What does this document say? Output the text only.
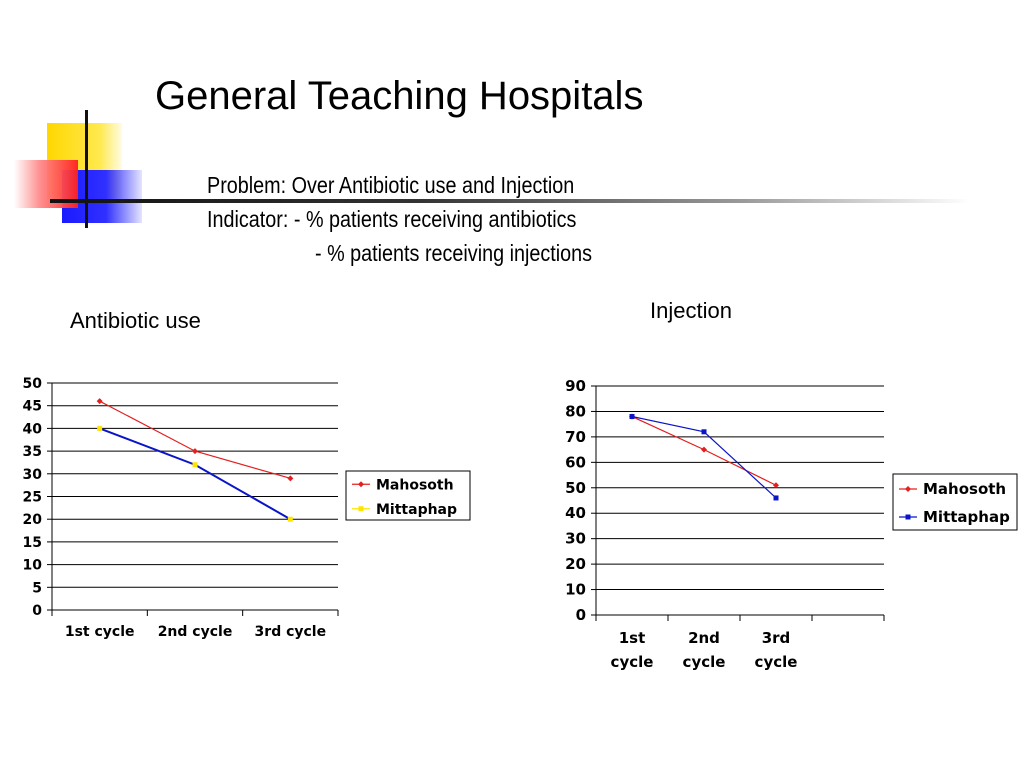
General Teaching Hospitals
Problem: Over Antibiotic use and Injection
Indicator: - % patients receiving antibiotics
- % patients receiving injections
Antibiotic use	Injection
0
5
10
15
20
25
30
35
40
45
50
1st cycle 2nd cycle 3rd cycle
Mahosoth
Mittaphap
0
10
20
30
40
50
60
70
80
90
1st cycle
2nd cycle
3rd cycle
Mahosoth
Mittaphap
